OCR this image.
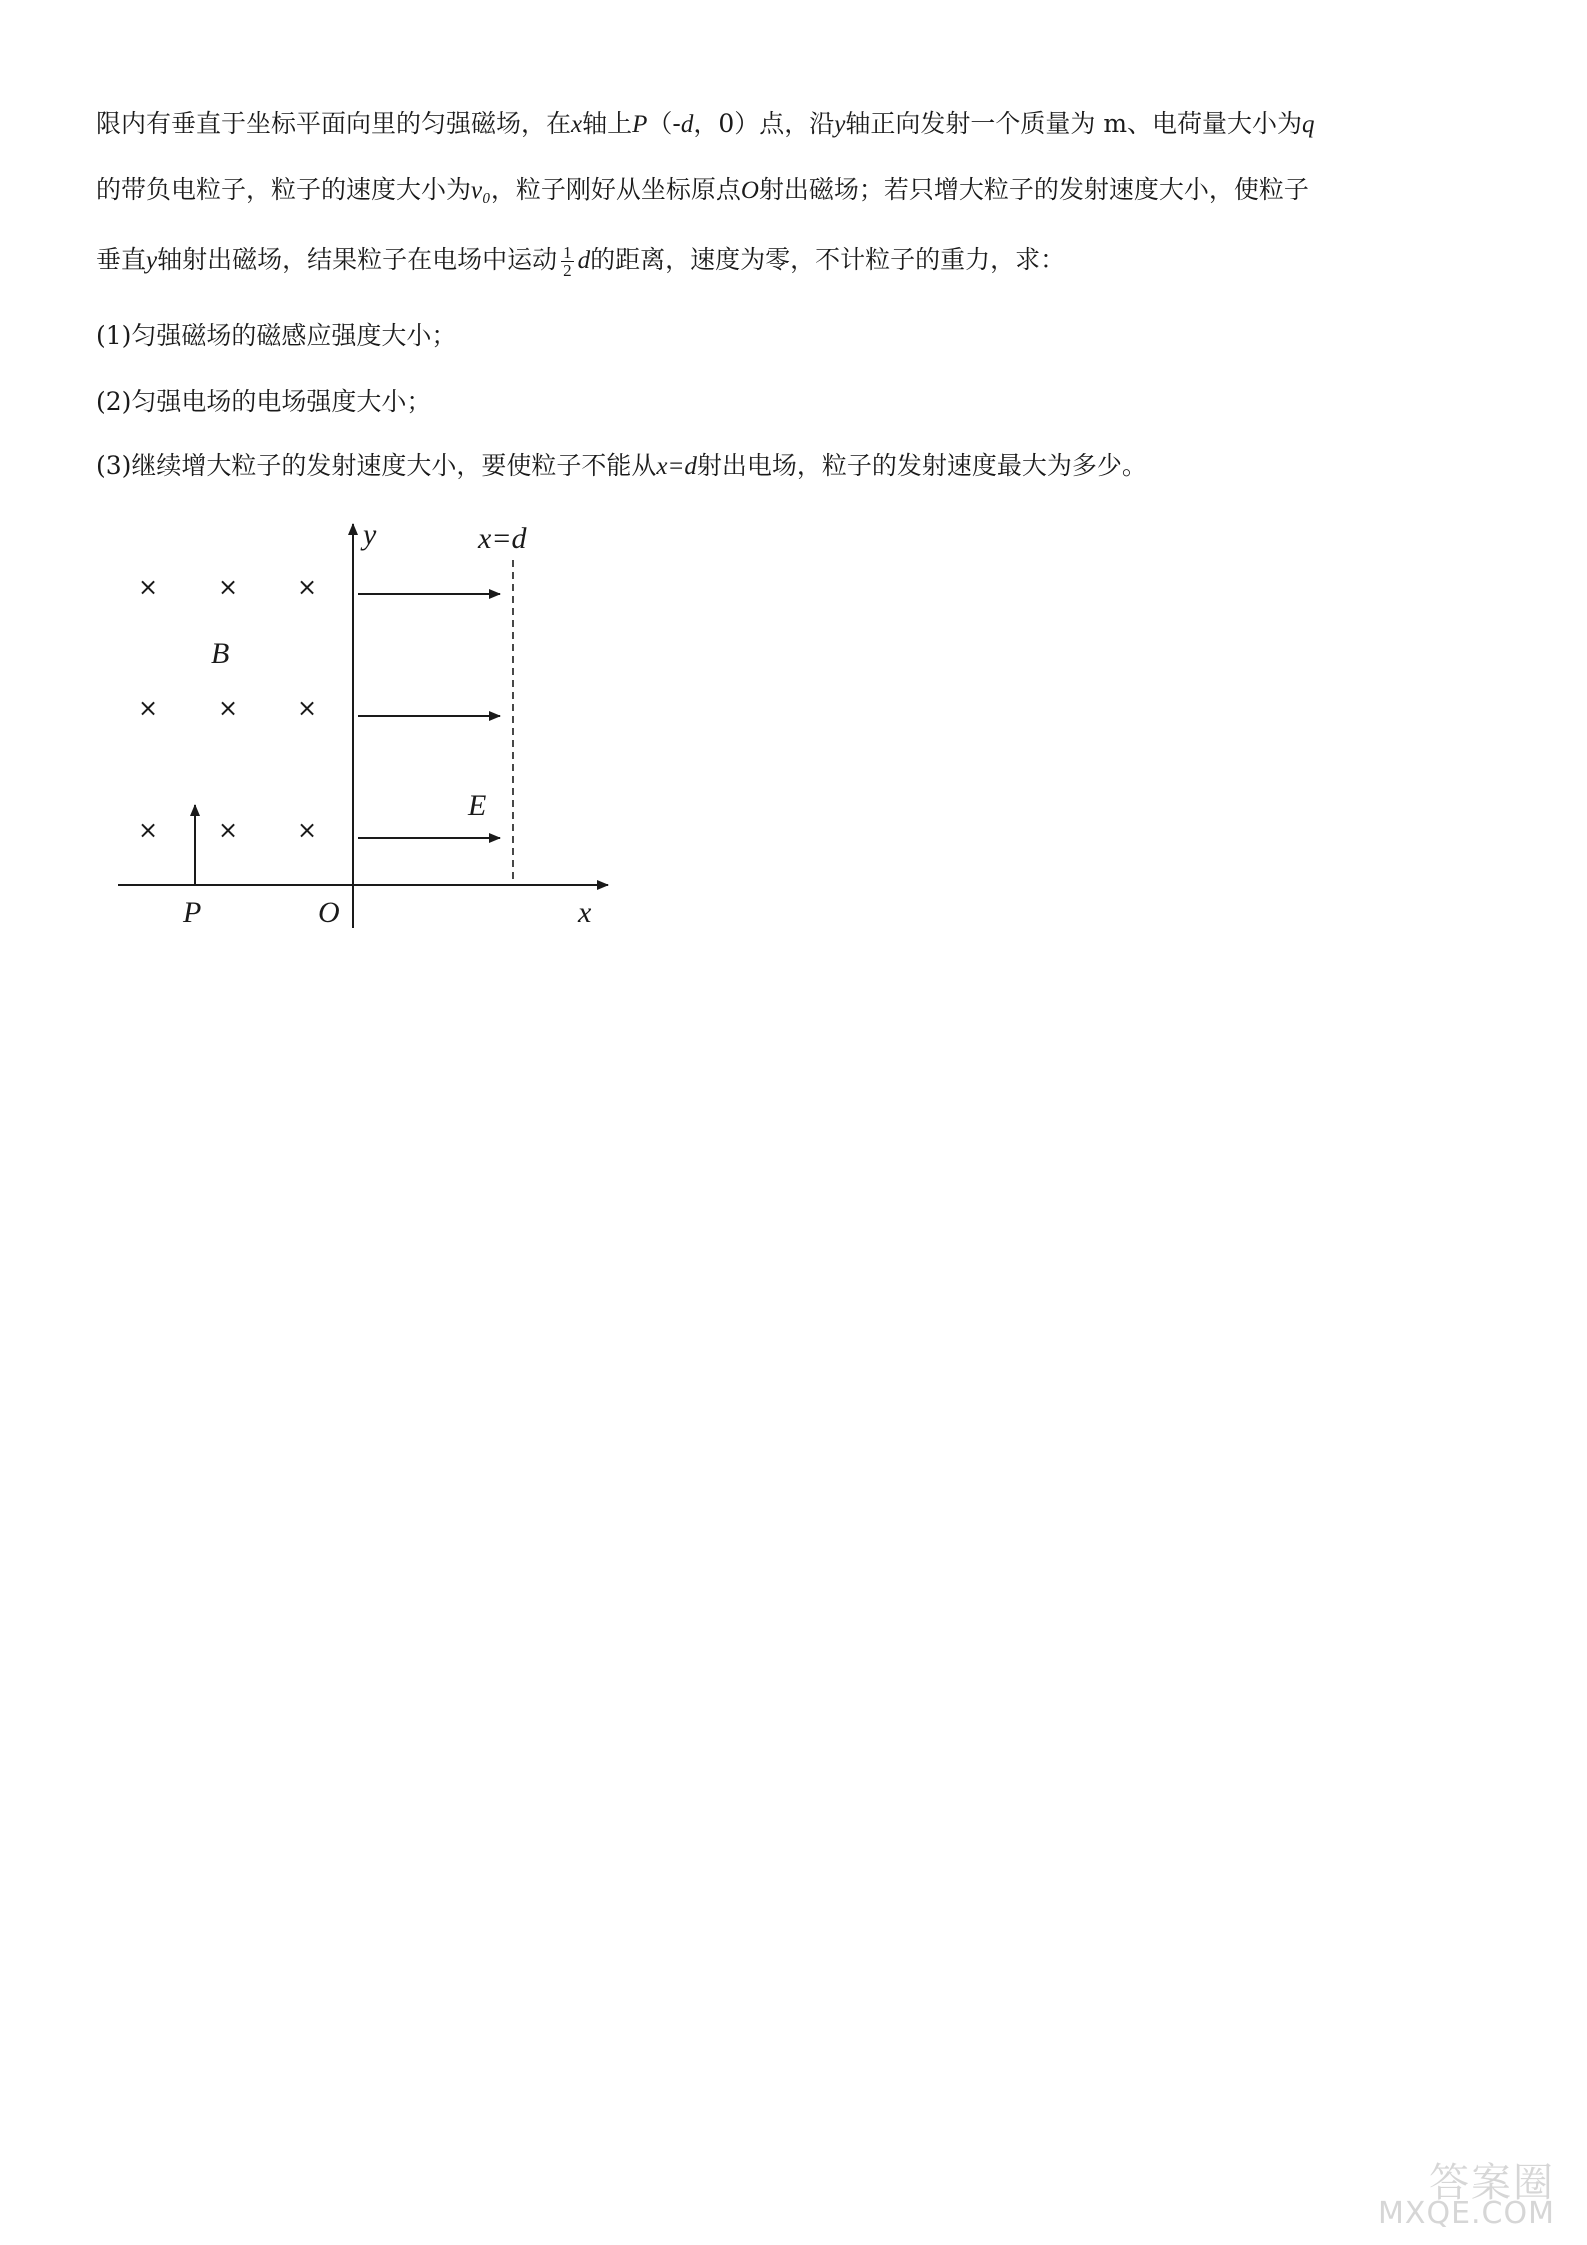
限内有垂直于坐标平面向里的匀强磁场，在x轴上P（-d，0）点，沿y轴正向发射一个质量为 m、电荷量大小为q
的带负电粒子，粒子的速度大小为v₀，粒子刚好从坐标原点O射出磁场；若只增大粒子的发射速度大小，使粒子
垂直y轴射出磁场，结果粒子在电场中运动 $\frac{1}{2}$ d的距离，速度为零，不计粒子的重力，求：
(1)匀强磁场的磁感应强度大小；
(2)匀强电场的电场强度大小；
(3)继续增大粒子的发射速度大小，要使粒子不能从x=d射出电场，粒子的发射速度最大为多少。
× × ×
× × ×
× × ×
y	x=d
B
E
P	O	x
答案圈
MXQE.COM
